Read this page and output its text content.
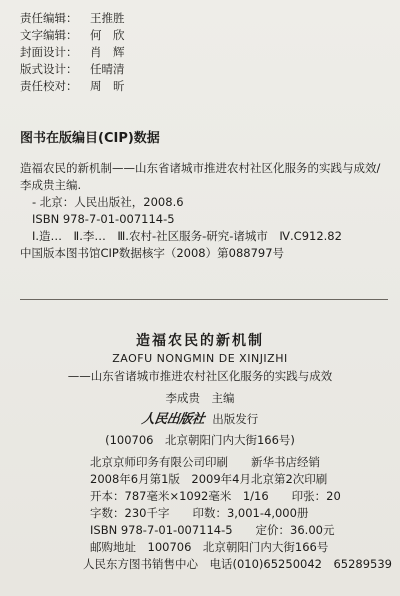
责任编辑： 王推胜
文字编辑： 何　欣
封面设计： 肖　辉
版式设计： 任晴清
责任校对： 周　昕
图书在版编目(CIP)数据
造福农民的新机制——山东省诸城市推进农村社区化服务的实践与成效/
李成贵主编.
- 北京：人民出版社，2008.6
ISBN 978-7-01-007114-5
Ⅰ.造…　Ⅱ.李…　Ⅲ.农村-社区服务-研究-诸城市　Ⅳ.C912.82
中国版本图书馆CIP数据核字（2008）第088797号
造福农民的新机制
ZAOFU NONGMIN DE XINJIZHI
——山东省诸城市推进农村社区化服务的实践与成效
李成贵　主编
人民出版社 出版发行
(100706　北京朝阳门内大街166号)
北京京师印务有限公司印刷　　新华书店经销
2008年6月第1版　2009年4月北京第2次印刷
开本：787毫米×1092毫米　1/16　　印张：20
字数：230千字　　印数：3,001-4,000册
ISBN 978-7-01-007114-5　　定价：36.00元
邮购地址　100706　北京朝阳门内大街166号
人民东方图书销售中心　电话(010)65250042　65289539
